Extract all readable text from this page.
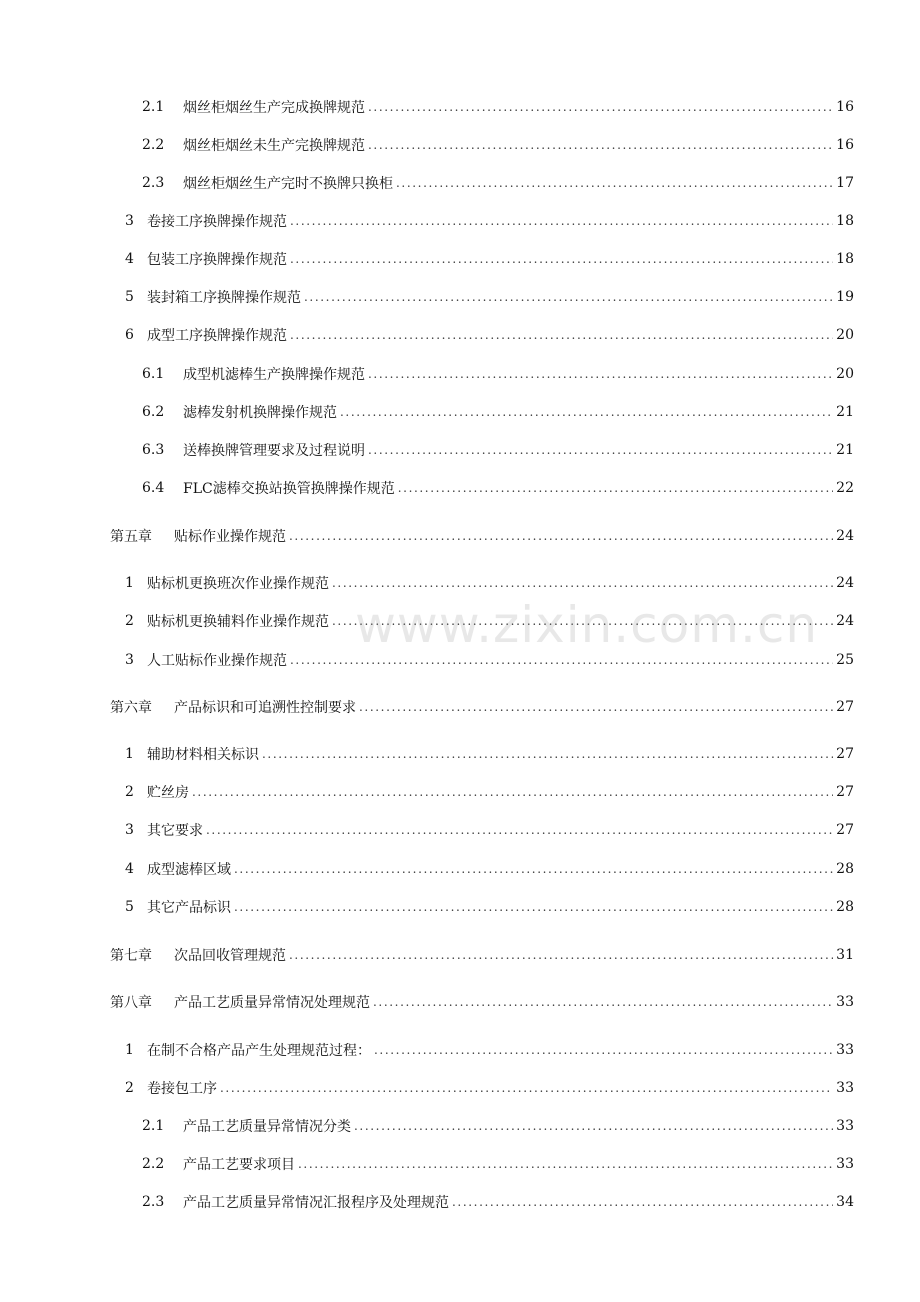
2.1	烟丝柜烟丝生产完成换牌规范 .....	16
2.2	烟丝柜烟丝未生产完换牌规范 .....	16
2.3	烟丝柜烟丝生产完时不换牌只换柜 .....	17
3 卷接工序换牌操作规范 .....	18
4 包装工序换牌操作规范 .....	18
5 装封箱工序换牌操作规范 .....	19
6 成型工序换牌操作规范 .....	20
6.1	成型机滤棒生产换牌操作规范 .....	20
6.2	滤棒发射机换牌操作规范 .....	21
6.3	送棒换牌管理要求及过程说明 .....	21
6.4	FLC滤棒交换站换管换牌操作规范 .....	22
第五章	贴标作业操作规范 .....	24
1 贴标机更换班次作业操作规范 .....	24
2 贴标机更换辅料作业操作规范 .....	24
3 人工贴标作业操作规范 .....	25
第六章	产品标识和可追溯性控制要求 .....	27
1 辅助材料相关标识 .....	27
2 贮丝房 .....	27
3 其它要求 .....	27
4 成型滤棒区域 .....	28
5 其它产品标识 .....	28
第七章	次品回收管理规范 .....	31
第八章	产品工艺质量异常情况处理规范 .....	33
1 在制不合格产品产生处理规范过程： .....	33
2 卷接包工序 .....	33
2.1	产品工艺质量异常情况分类 .....	33
2.2	产品工艺要求项目 .....	33
2.3	产品工艺质量异常情况汇报程序及处理规范 .....	34
www.zixin.com.cn
